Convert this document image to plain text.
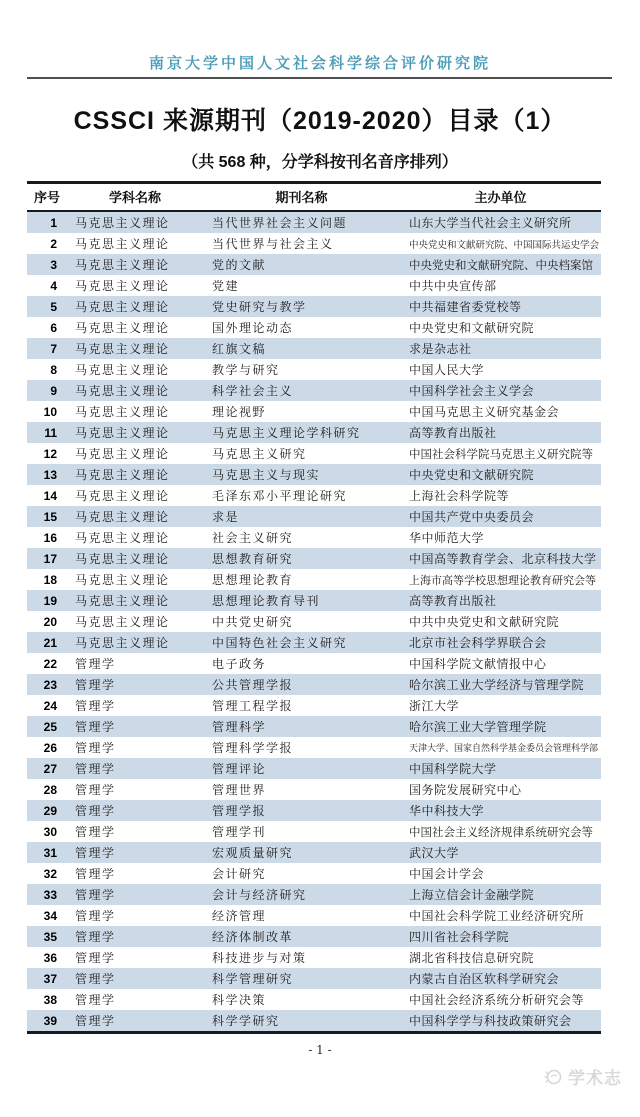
南京大学中国人文社会科学综合评价研究院
CSSCI 来源期刊（2019-2020）目录（1）
（共 568 种，分学科按刊名音序排列）
序号	学科名称	期刊名称	主办单位
1	马克思主义理论	当代世界社会主义问题	山东大学当代社会主义研究所
2	马克思主义理论	当代世界与社会主义	中央党史和文献研究院、中国国际共运史学会
3	马克思主义理论	党的文献	中央党史和文献研究院、中央档案馆
4	马克思主义理论	党建	中共中央宣传部
5	马克思主义理论	党史研究与教学	中共福建省委党校等
6	马克思主义理论	国外理论动态	中央党史和文献研究院
7	马克思主义理论	红旗文稿	求是杂志社
8	马克思主义理论	教学与研究	中国人民大学
9	马克思主义理论	科学社会主义	中国科学社会主义学会
10	马克思主义理论	理论视野	中国马克思主义研究基金会
11	马克思主义理论	马克思主义理论学科研究	高等教育出版社
12	马克思主义理论	马克思主义研究	中国社会科学院马克思主义研究院等
13	马克思主义理论	马克思主义与现实	中央党史和文献研究院
14	马克思主义理论	毛泽东邓小平理论研究	上海社会科学院等
15	马克思主义理论	求是	中国共产党中央委员会
16	马克思主义理论	社会主义研究	华中师范大学
17	马克思主义理论	思想教育研究	中国高等教育学会、北京科技大学
18	马克思主义理论	思想理论教育	上海市高等学校思想理论教育研究会等
19	马克思主义理论	思想理论教育导刊	高等教育出版社
20	马克思主义理论	中共党史研究	中共中央党史和文献研究院
21	马克思主义理论	中国特色社会主义研究	北京市社会科学界联合会
22	管理学	电子政务	中国科学院文献情报中心
23	管理学	公共管理学报	哈尔滨工业大学经济与管理学院
24	管理学	管理工程学报	浙江大学
25	管理学	管理科学	哈尔滨工业大学管理学院
26	管理学	管理科学学报	天津大学、国家自然科学基金委员会管理科学部
27	管理学	管理评论	中国科学院大学
28	管理学	管理世界	国务院发展研究中心
29	管理学	管理学报	华中科技大学
30	管理学	管理学刊	中国社会主义经济规律系统研究会等
31	管理学	宏观质量研究	武汉大学
32	管理学	会计研究	中国会计学会
33	管理学	会计与经济研究	上海立信会计金融学院
34	管理学	经济管理	中国社会科学院工业经济研究所
35	管理学	经济体制改革	四川省社会科学院
36	管理学	科技进步与对策	湖北省科技信息研究院
37	管理学	科学管理研究	内蒙古自治区软科学研究会
38	管理学	科学决策	中国社会经济系统分析研究会等
39	管理学	科学学研究	中国科学学与科技政策研究会
- 1 -
学术志
